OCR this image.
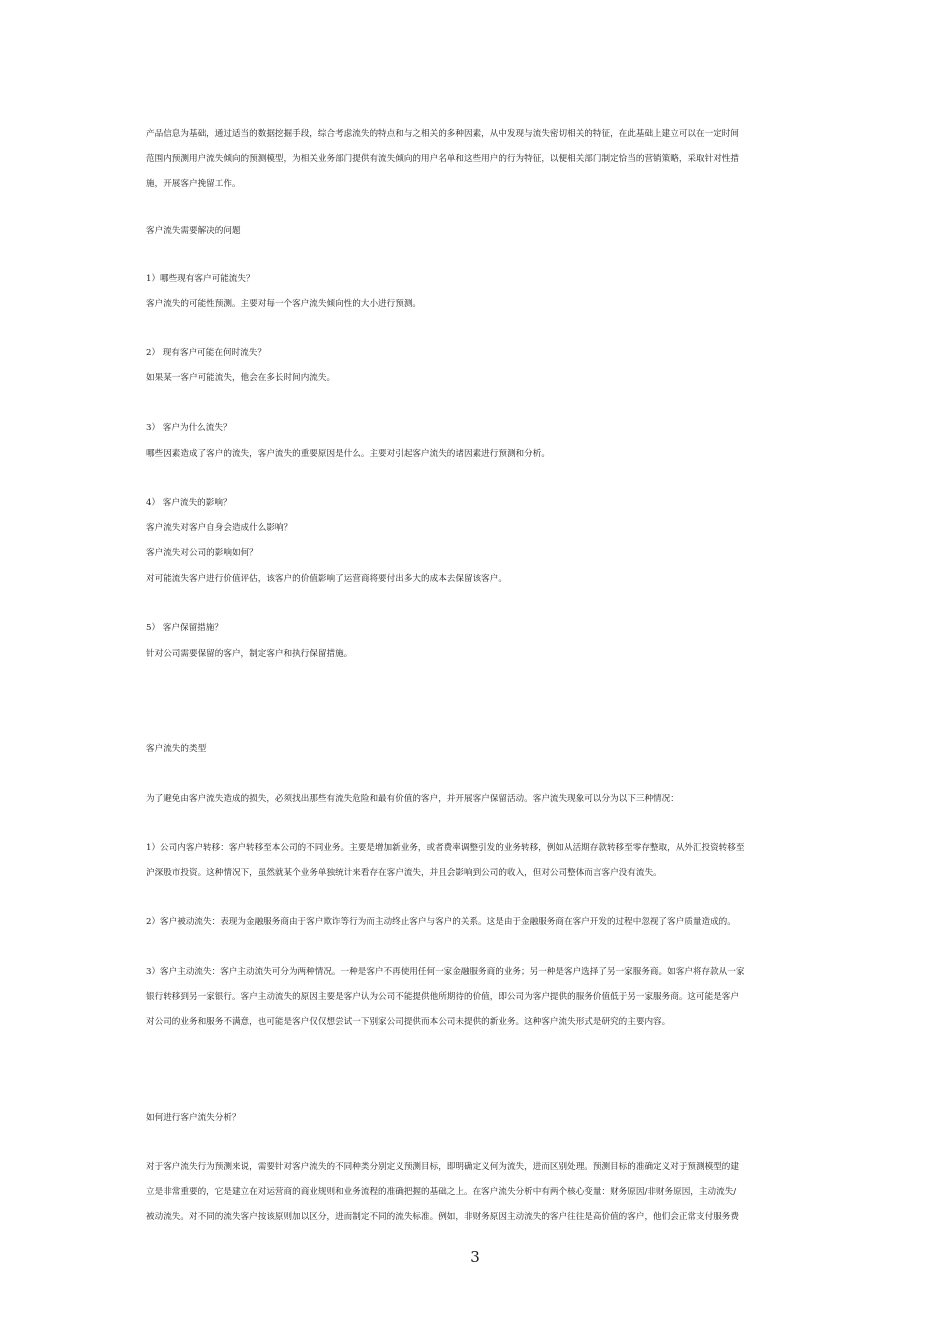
产品信息为基础，通过适当的数据挖掘手段，综合考虑流失的特点和与之相关的多种因素，从中发现与流失密切相关的特征，在此基础上建立可以在一定时间

范围内预测用户流失倾向的预测模型，为相关业务部门提供有流失倾向的用户名单和这些用户的行为特征，以便相关部门制定恰当的营销策略，采取针对性措

施，开展客户挽留工作。

客户流失需要解决的问题

1）哪些现有客户可能流失？

客户流失的可能性预测。主要对每一个客户流失倾向性的大小进行预测。

2） 现有客户可能在何时流失？

如果某一客户可能流失，他会在多长时间内流失。

3） 客户为什么流失？

哪些因素造成了客户的流失，客户流失的重要原因是什么。主要对引起客户流失的诸因素进行预测和分析。

4） 客户流失的影响？

客户流失对客户自身会造成什么影响？

客户流失对公司的影响如何？

对可能流失客户进行价值评估，该客户的价值影响了运营商将要付出多大的成本去保留该客户。

5） 客户保留措施？

针对公司需要保留的客户，制定客户和执行保留措施。

客户流失的类型

为了避免由客户流失造成的损失，必须找出那些有流失危险和最有价值的客户，并开展客户保留活动。客户流失现象可以分为以下三种情况：

1）公司内客户转移：客户转移至本公司的不同业务。主要是增加新业务，或者费率调整引发的业务转移，例如从活期存款转移至零存整取，从外汇投资转移至

沪深股市投资。这种情况下，虽然就某个业务单独统计来看存在客户流失，并且会影响到公司的收入，但对公司整体而言客户没有流失。

2）客户被动流失：表现为金融服务商由于客户欺诈等行为而主动终止客户与客户的关系。这是由于金融服务商在客户开发的过程中忽视了客户质量造成的。

3）客户主动流失：客户主动流失可分为两种情况。一种是客户不再使用任何一家金融服务商的业务；另一种是客户选择了另一家服务商。如客户将存款从一家

银行转移到另一家银行。客户主动流失的原因主要是客户认为公司不能提供他所期待的价值，即公司为客户提供的服务价值低于另一家服务商。这可能是客户

对公司的业务和服务不满意，也可能是客户仅仅想尝试一下别家公司提供而本公司未提供的新业务。这种客户流失形式是研究的主要内容。

如何进行客户流失分析？

对于客户流失行为预测来说，需要针对客户流失的不同种类分别定义预测目标，即明确定义何为流失，进而区别处理。预测目标的准确定义对于预测模型的建

立是非常重要的，它是建立在对运营商的商业规则和业务流程的准确把握的基础之上。在客户流失分析中有两个核心变量：财务原因/非财务原因，主动流失/

被动流失。对不同的流失客户按该原则加以区分，进而制定不同的流失标准。例如，非财务原因主动流失的客户往往是高价值的客户，他们会正常支付服务费

3
